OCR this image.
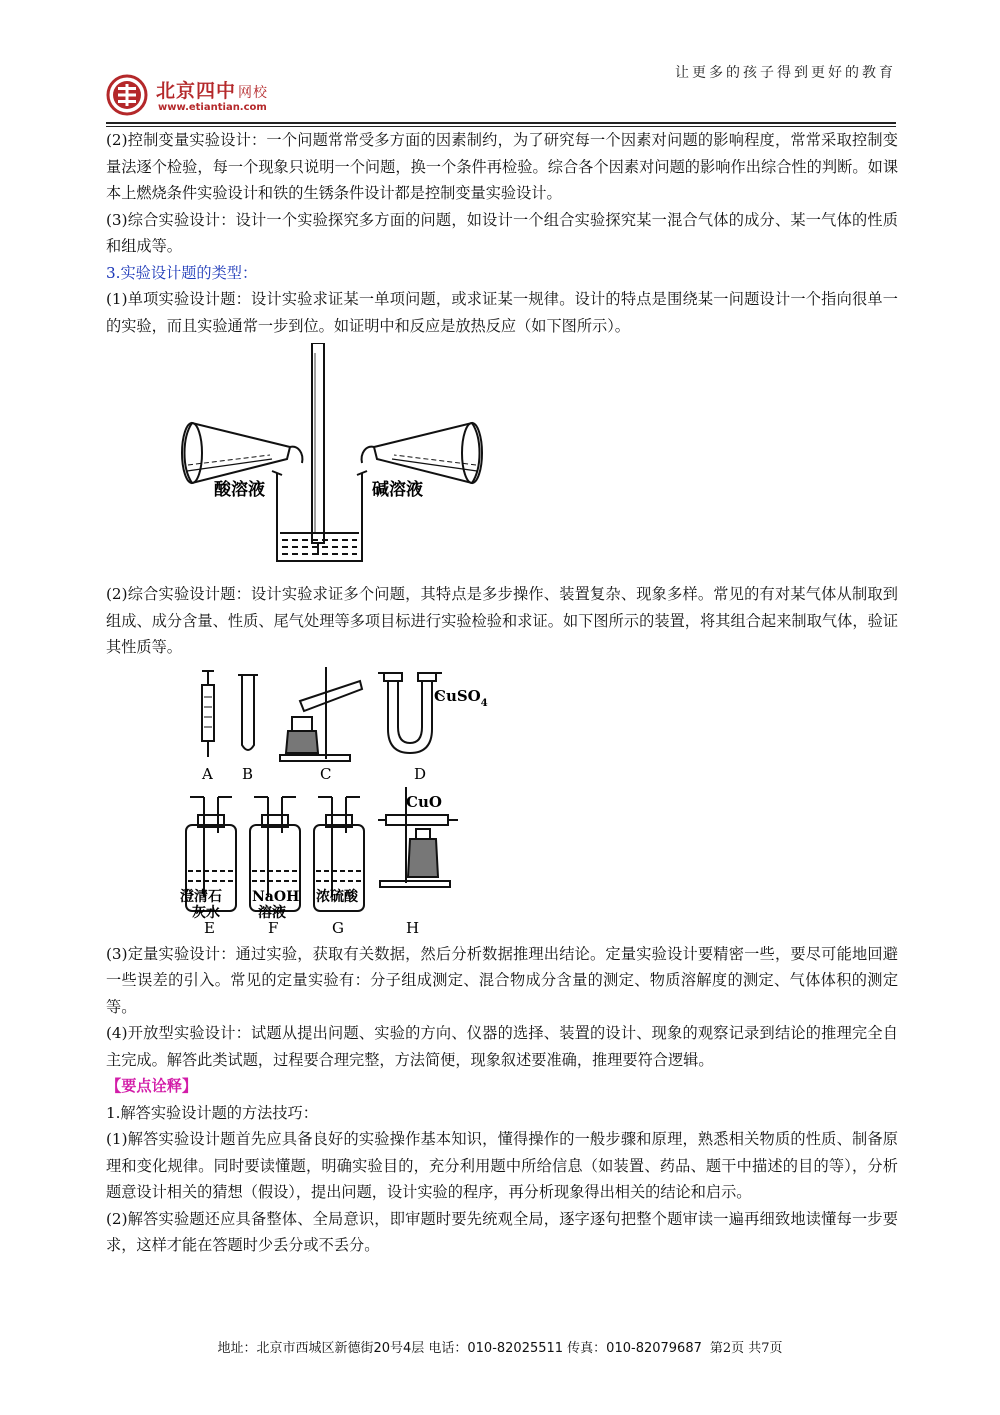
北京四中 网校
www.etiantian.com
让更多的孩子得到更好的教育

(2)控制变量实验设计：一个问题常常受多方面的因素制约，为了研究每一个因素对问题的影响程度，常常采取控制变量法逐个检验，每一个现象只说明一个问题，换一个条件再检验。综合各个因素对问题的影响作出综合性的判断。如课本上燃烧条件实验设计和铁的生锈条件设计都是控制变量实验设计。

(3)综合实验设计：设计一个实验探究多方面的问题，如设计一个组合实验探究某一混合气体的成分、某一气体的性质和组成等。

3.实验设计题的类型：

(1)单项实验设计题：设计实验求证某一单项问题，或求证某一规律。设计的特点是围绕某一问题设计一个指向很单一的实验，而且实验通常一步到位。如证明中和反应是放热反应（如下图所示）。

酸溶液	碱溶液

(2)综合实验设计题：设计实验求证多个问题，其特点是多步操作、装置复杂、现象多样。常见的有对某气体从制取到组成、成分含量、性质、尾气处理等多项目标进行实验检验和求证。如下图所示的装置，将其组合起来制取气体，验证其性质等。

CuSO$_4$
CuO
A B	C	D
E	F	G	H
澄清石
灰水
NaOH
溶液
浓硫酸

(3)定量实验设计：通过实验，获取有关数据，然后分析数据推理出结论。定量实验设计要精密一些，要尽可能地回避一些误差的引入。常见的定量实验有：分子组成测定、混合物成分含量的测定、物质溶解度的测定、气体体积的测定等。

(4)开放型实验设计：试题从提出问题、实验的方向、仪器的选择、装置的设计、现象的观察记录到结论的推理完全自主完成。解答此类试题，过程要合理完整，方法简便，现象叙述要准确，推理要符合逻辑。

【要点诠释】

1.解答实验设计题的方法技巧：

(1)解答实验设计题首先应具备良好的实验操作基本知识，懂得操作的一般步骤和原理，熟悉相关物质的性质、制备原理和变化规律。同时要读懂题，明确实验目的，充分利用题中所给信息（如装置、药品、题干中描述的目的等），分析题意设计相关的猜想（假设），提出问题，设计实验的程序，再分析现象得出相关的结论和启示。

(2)解答实验题还应具备整体、全局意识，即审题时要先统观全局，逐字逐句把整个题审读一遍再细致地读懂每一步要求，这样才能在答题时少丢分或不丢分。

地址：北京市西城区新德街20号4层 电话：010-82025511 传真：010-82079687 第2页 共7页
